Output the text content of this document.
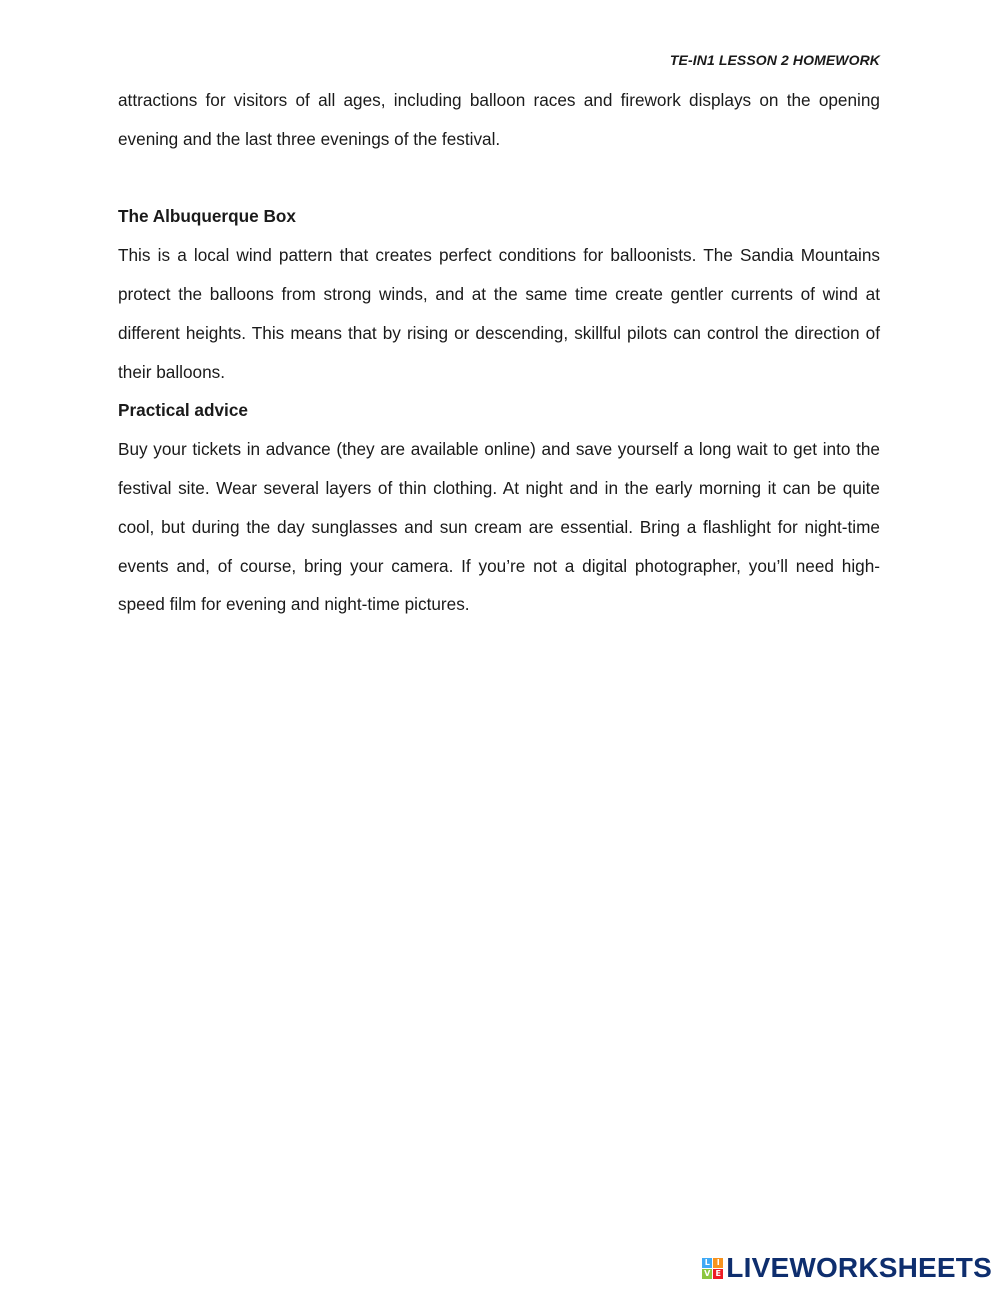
TE-IN1 LESSON 2 HOMEWORK

attractions for visitors of all ages, including balloon races and firework displays on the opening evening and the last three evenings of the festival.

The Albuquerque Box

This is a local wind pattern that creates perfect conditions for balloonists. The Sandia Mountains protect the balloons from strong winds, and at the same time create gentler currents of wind at different heights. This means that by rising or descending, skillful pilots can control the direction of their balloons.

Practical advice

Buy your tickets in advance (they are available online) and save yourself a long wait to get into the festival site. Wear several layers of thin clothing. At night and in the early morning it can be quite cool, but during the day sunglasses and sun cream are essential. Bring a flashlight for night-time events and, of course, bring your camera. If you’re not a digital photographer, you’ll need high-speed film for evening and night-time pictures.

L I
V E LIVEWORKSHEETS
